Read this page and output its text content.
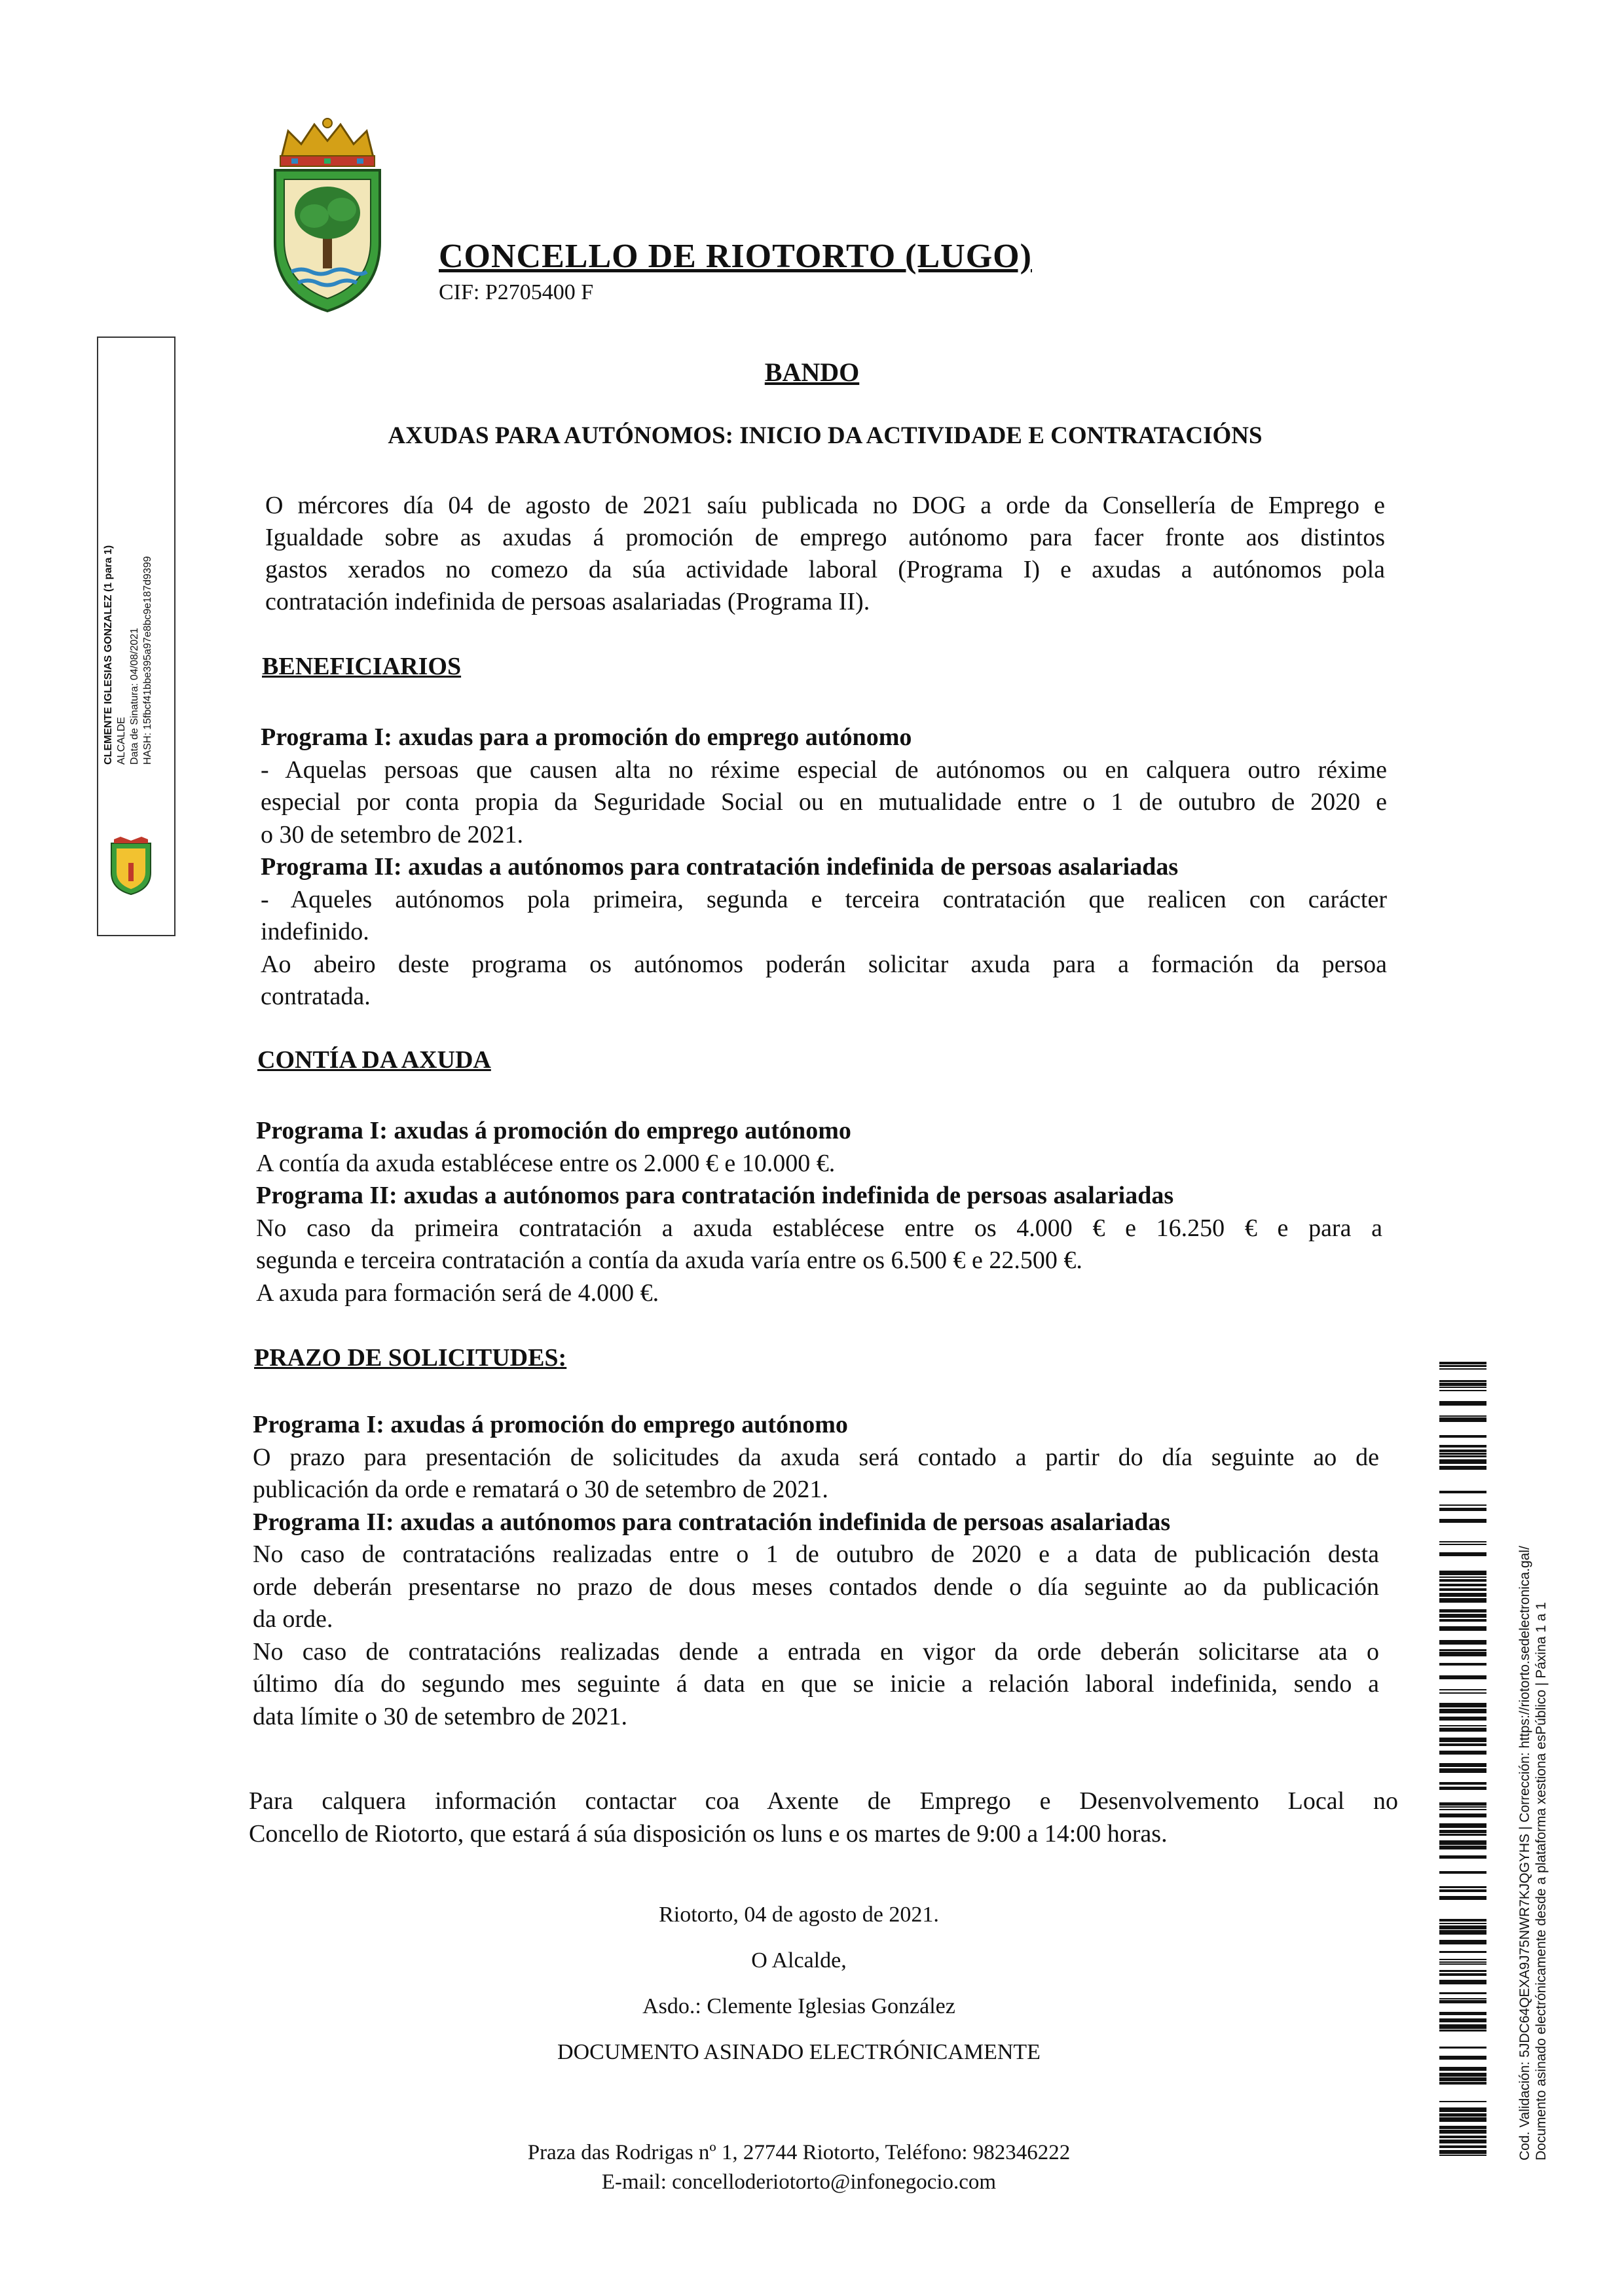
CONCELLO DE RIOTORTO (LUGO)
CIF: P2705400 F
BANDO
AXUDAS PARA AUTÓNOMOS: INICIO DA ACTIVIDADE E CONTRATACIÓNS
O mércores día 04 de agosto de 2021 saíu publicada no DOG a orde da Consellería de Emprego e
Igualdade sobre as axudas á promoción de emprego autónomo para facer fronte aos distintos
gastos xerados no comezo da súa actividade laboral (Programa I) e axudas a autónomos pola
contratación indefinida de persoas asalariadas (Programa II).
BENEFICIARIOS
Programa I: axudas para a promoción do emprego autónomo
- Aquelas persoas que causen alta no réxime especial de autónomos ou en calquera outro réxime
especial por conta propia da Seguridade Social ou en mutualidade entre o 1 de outubro de 2020 e
o 30 de setembro de 2021.
Programa II: axudas a autónomos para contratación indefinida de persoas asalariadas
- Aqueles autónomos pola primeira, segunda e terceira contratación que realicen con carácter
indefinido.
Ao abeiro deste programa os autónomos poderán solicitar axuda para a formación da persoa
contratada.
CONTÍA DA AXUDA
Programa I: axudas á promoción do emprego autónomo
A contía da axuda establécese entre os 2.000 € e 10.000 €.
Programa II: axudas a autónomos para contratación indefinida de persoas asalariadas
No caso da primeira contratación a axuda establécese entre os 4.000 € e 16.250 € e para a
segunda e terceira contratación a contía da axuda varía entre os 6.500 € e 22.500 €.
A axuda para formación será de 4.000 €.
PRAZO DE SOLICITUDES:
Programa I: axudas á promoción do emprego autónomo
O prazo para presentación de solicitudes da axuda será contado a partir do día seguinte ao de
publicación da orde e rematará o 30 de setembro de 2021.
Programa II: axudas a autónomos para contratación indefinida de persoas asalariadas
No caso de contratacións realizadas entre o 1 de outubro de 2020 e a data de publicación desta
orde deberán presentarse no prazo de dous meses contados dende o día seguinte ao da publicación
da orde.
No caso de contratacións realizadas dende a entrada en vigor da orde deberán solicitarse ata o
último día do segundo mes seguinte á data en que se inicie a relación laboral indefinida, sendo a
data límite o 30 de setembro de 2021.
Para calquera información contactar coa Axente de Emprego e Desenvolvemento Local no
Concello de Riotorto, que estará á súa disposición os luns e os martes de 9:00 a 14:00 horas.
Riotorto, 04 de agosto de 2021.
O Alcalde,
Asdo.: Clemente Iglesias González
DOCUMENTO ASINADO ELECTRÓNICAMENTE
Praza das Rodrigas nº 1, 27744 Riotorto, Teléfono: 982346222
E-mail: concelloderiotorto@infonegocio.com
CLEMENTE IGLESIAS GONZALEZ (1 para 1) ALCALDE Data de Sinatura: 04/08/2021 HASH: 15fbcf41bbe395a97e8bc9e187d9399
Cod. Validación: 5JDC64QEXA9J75NWR7KJQGYHS | Corrección: https://riotorto.sedelectronica.gal/ Documento asinado electrónicamente desde a plataforma xestiona esPúblico | Páxina 1 a 1
